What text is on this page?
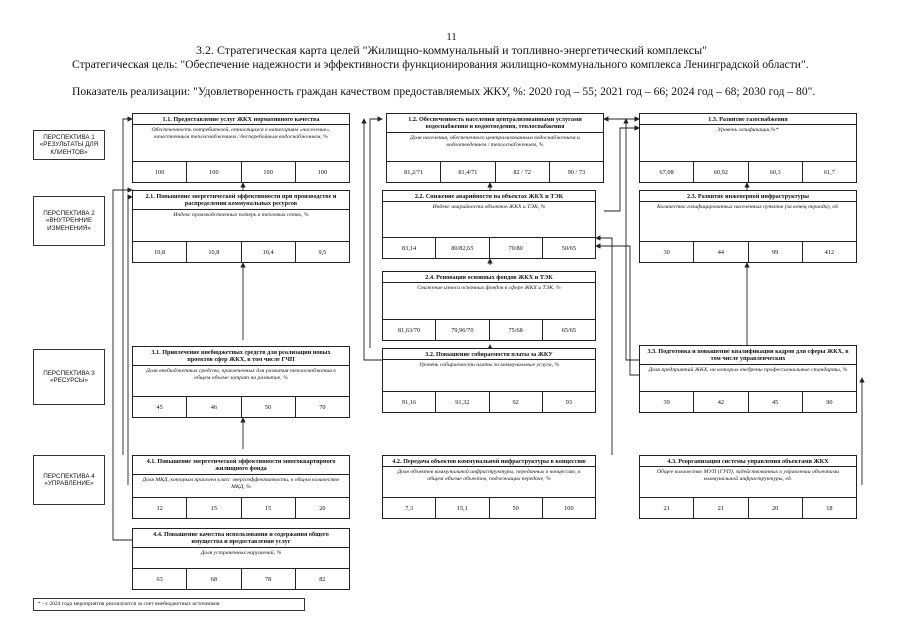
11
3.2. Стратегическая карта целей "Жилищно-коммунальный и топливно-энергетический комплексы"
Стратегическая цель: "Обеспечение надежности и эффективности функционирования жилищно-коммунального комплекса Ленинградской области".
Показатель реализации: "Удовлетворенность граждан качеством предоставляемых ЖКУ, %: 2020 год – 55; 2021 год – 66; 2024 год – 68; 2030 год – 80".
ПЕРСПЕКТИВА 1 «РЕЗУЛЬТАТЫ ДЛЯ КЛИЕНТОВ»
ПЕРСПЕКТИВА 2 «ВНУТРЕННИЕ ИЗМЕНЕНИЯ»
ПЕРСПЕКТИВА 3 «РЕСУРСЫ»
ПЕРСПЕКТИВА 4 «УПРАВЛЕНИЕ»
1.1. Предоставление услуг ЖКХ нормативного качества
Обеспеченность потребителей, относящихся к категориям «население», качественным теплоснабжением / бесперебойным водоснабжением, %
100	100	100	100
1.2. Обеспеченность населения централизованными услугами водоснабжения и водоотведения, теплоснабжения
Доля населения, обеспеченного централизованным водоснабжением и водоотведением / теплоснабжением, %
81,2/71	81,4/71	82 / 72	90 / 73
1.3. Развитие газоснабжения
Уровень газификации,%*
67,08	60,92	60,3	61,7
2.1. Повышение энергетической эффективности при производстве и распределении коммунальных ресурсов
Индекс производственных потерь в тепловых сетях, %
10,8	10,8	10,4	9,5
2.2. Снижение аварийности на объектах ЖКХ и ТЭК
Индекс аварийности объектов ЖКХ и ТЭК, %
83,14	80/82,65	70/80	50/65
2.3. Развитие инженерной инфраструктуры
Количество газифицированных населенных пунктов (за конец периода), ед.
30	44	99	412
2.4. Реновация основных фондов ЖКХ и ТЭК
Снижение износа основных фондов в сфере ЖКХ и ТЭК, %
81,63/70	79,96/70	75/68	65/65
3.1. Привлечение внебюджетных средств для реализации новых проектов сфер ЖКХ, в том числе ГЧП
Доля внебюджетных средств, привлеченных для развития теплоснабжения в общем объеме затрат на развитие, %
45	46	50	70
3.2. Повышение собираемости платы за ЖКУ
Уровень собираемости платы за коммунальные услуги, %
91,16	91,32	92	93
3.3. Подготовка и повышение квалификации кадров для сферы ЖКХ, в том числе управленческих
Доля предприятий ЖКХ, на которых внедрены профессиональные стандарты, %
39	42	45	90
4.1. Повышение энергетической эффективности многоквартирного жилищного фонда
Доля МКД, которым присвоен класс энергоэффективности, в общем количестве МКД, %
12	15	15	20
4.2. Передача объектов коммунальной инфраструктуры в концессию
Доля объектов коммунальной инфраструктуры, переданных в концессию, в общем объеме объектов, подлежащих передаче, %
7,3	15,1	50	100
4.3. Реорганизация системы управления объектами ЖКХ
Общее количество МУП (ГУП), задействованных в управлении объектами коммунальной инфраструктуры, ед.
21	21	20	18
4.4. Повышение качества использования и содержания общего имущества и предоставления услуг
Доля устраненных нарушений, %
63	68	78	82
* - с 2024 года мероприятия реализуются за счет внебюджетных источников
